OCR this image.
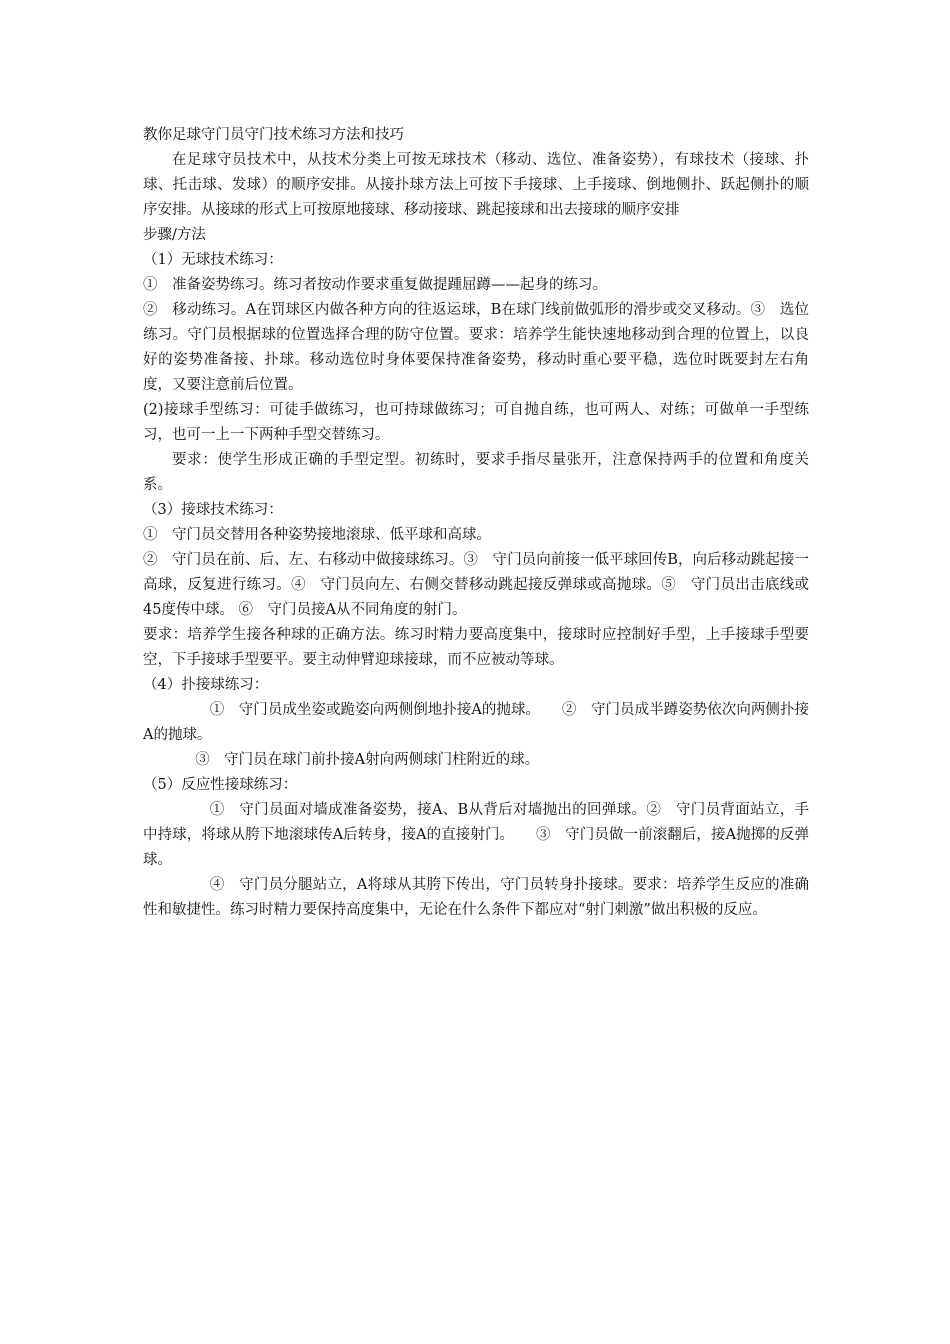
教你足球守门员守门技术练习方法和技巧

在足球守员技术中，从技术分类上可按无球技术（移动、选位、准备姿势），有球技术（接球、扑球、托击球、发球）的顺序安排。从接扑球方法上可按下手接球、上手接球、倒地侧扑、跃起侧扑的顺序安排。从接球的形式上可按原地接球、移动接球、跳起接球和出去接球的顺序安排

步骤/方法

（1）无球技术练习：

①　准备姿势练习。练习者按动作要求重复做提踵屈蹲——起身的练习。

②　移动练习。A在罚球区内做各种方向的往返运球，B在球门线前做弧形的滑步或交叉移动。③　选位练习。守门员根据球的位置选择合理的防守位置。要求：培养学生能快速地移动到合理的位置上，以良好的姿势准备接、扑球。移动选位时身体要保持准备姿势，移动时重心要平稳，选位时既要封左右角度，又要注意前后位置。

(2)接球手型练习：可徒手做练习，也可持球做练习；可自抛自练，也可两人、对练；可做单一手型练习，也可一上一下两种手型交替练习。

要求：使学生形成正确的手型定型。初练时，要求手指尽量张开，注意保持两手的位置和角度关系。

（3）接球技术练习：

①　守门员交替用各种姿势接地滚球、低平球和高球。

②　守门员在前、后、左、右移动中做接球练习。③　守门员向前接一低平球回传B，向后移动跳起接一高球，反复进行练习。④　守门员向左、右侧交替移动跳起接反弹球或高抛球。⑤　守门员出击底线或45度传中球。 ⑥　守门员接A从不同角度的射门。

要求：培养学生接各种球的正确方法。练习时精力要高度集中，接球时应控制好手型，上手接球手型要空，下手接球手型要平。要主动伸臂迎球接球，而不应被动等球。

（4）扑接球练习：

①　守门员成坐姿或跪姿向两侧倒地扑接A的抛球。　　②　守门员成半蹲姿势依次向两侧扑接A的抛球。

③　守门员在球门前扑接A射向两侧球门柱附近的球。

（5）反应性接球练习：

①　守门员面对墙成准备姿势，接A、B从背后对墙抛出的回弹球。②　守门员背面站立，手中持球，将球从胯下地滚球传A后转身，接A的直接射门。　　③　守门员做一前滚翻后，接A抛掷的反弹球。

④　守门员分腿站立，A将球从其胯下传出，守门员转身扑接球。要求：培养学生反应的准确性和敏捷性。练习时精力要保持高度集中，无论在什么条件下都应对“射门刺激”做出积极的反应。
